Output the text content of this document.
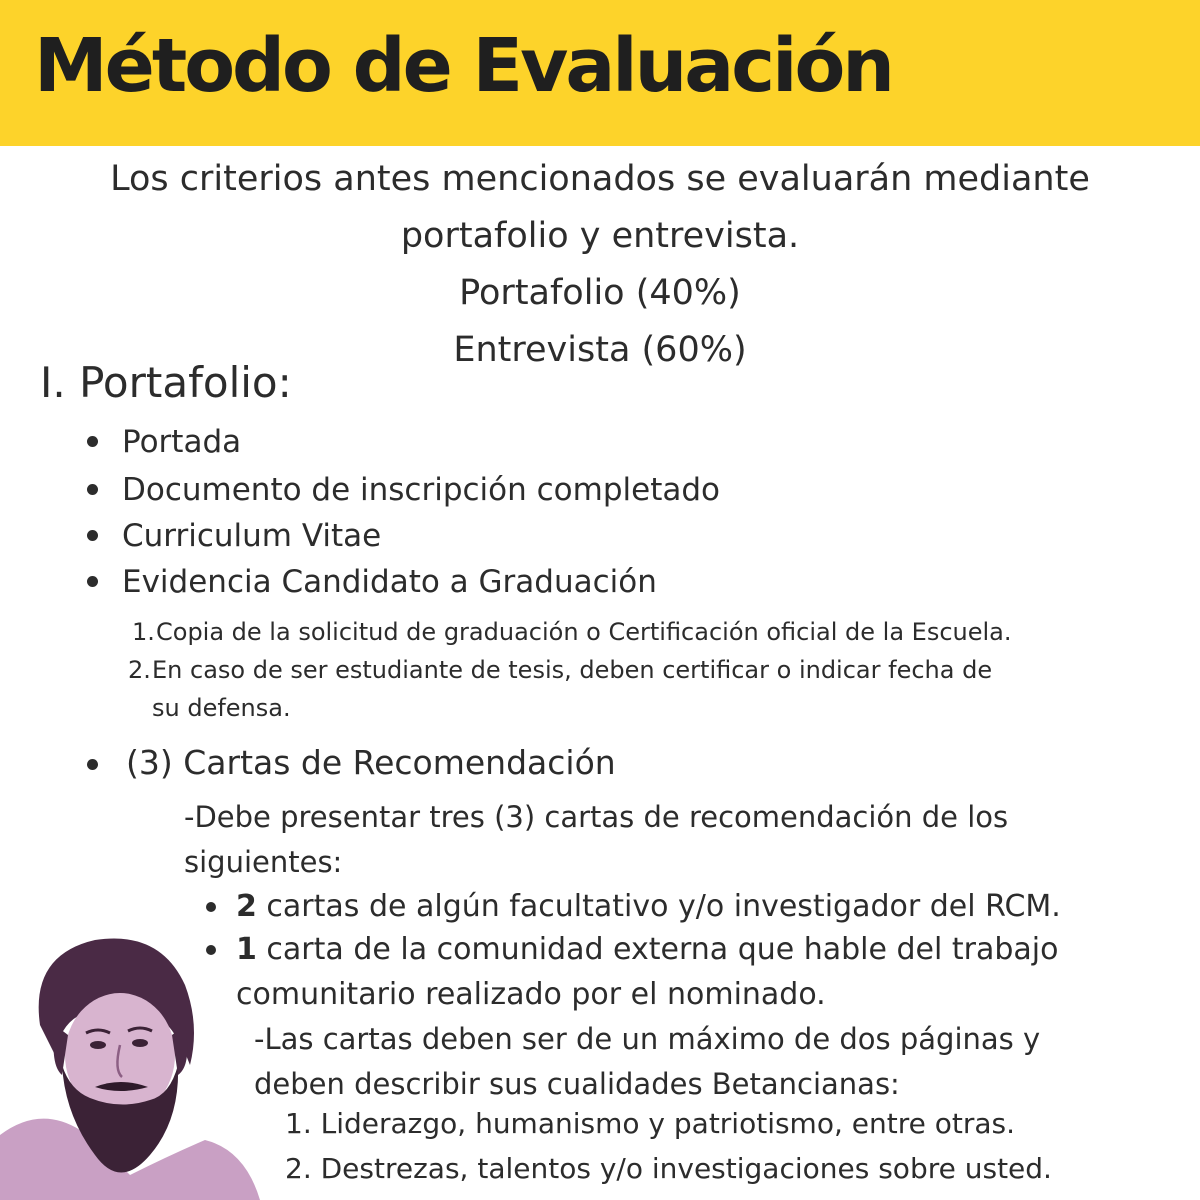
Método de Evaluación
Los criterios antes mencionados se evaluarán mediante
portafolio y entrevista.
Portafolio (40%)
Entrevista (60%)
I. Portafolio:
Portada
Documento de inscripción completado
Curriculum Vitae
Evidencia Candidato a Graduación
1. Copia de la solicitud de graduación o Certificación oficial de la Escuela.
2. En caso de ser estudiante de tesis, deben certificar o indicar fecha de
su defensa.
(3) Cartas de Recomendación
-Debe presentar tres (3) cartas de recomendación de los
siguientes:
2 cartas de algún facultativo y/o investigador del RCM.
1 carta de la comunidad externa que hable del trabajo
comunitario realizado por el nominado.
-Las cartas deben ser de un máximo de dos páginas y
deben describir sus cualidades Betancianas:
1. Liderazgo, humanismo y patriotismo, entre otras.
2. Destrezas, talentos y/o investigaciones sobre usted.
